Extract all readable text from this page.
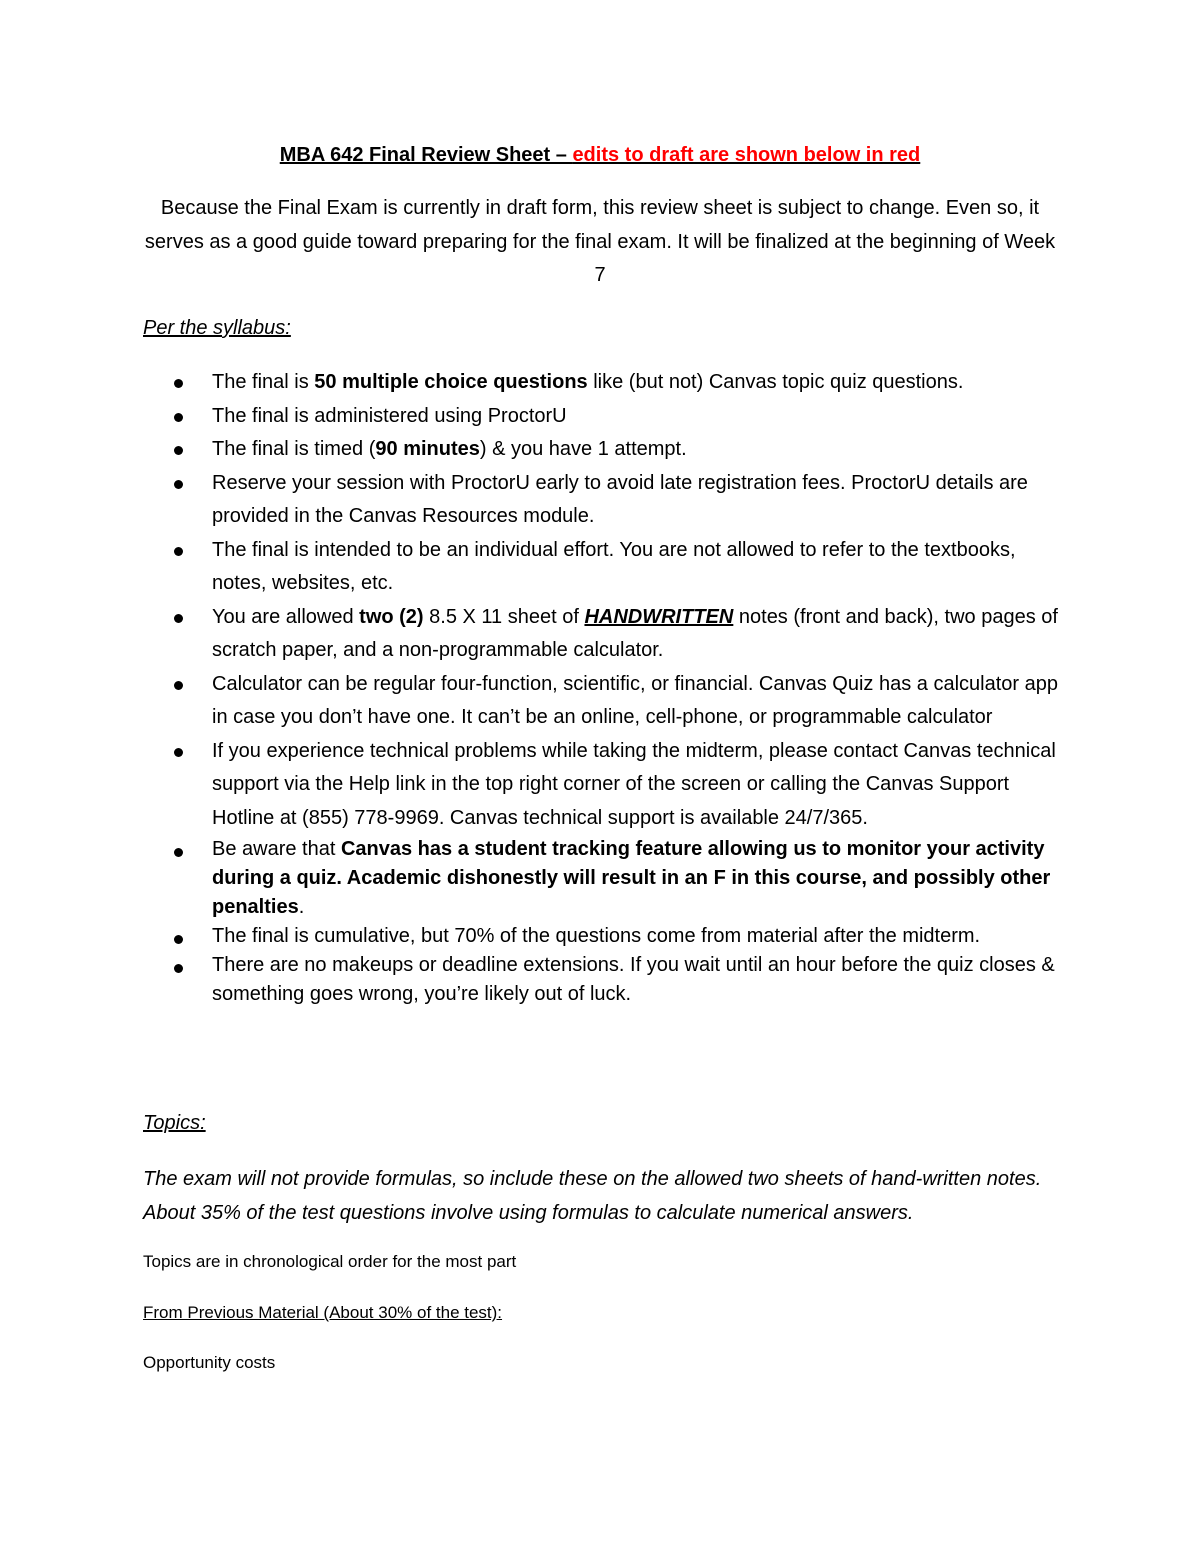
MBA 642 Final Review Sheet – edits to draft are shown below in red
Because the Final Exam is currently in draft form, this review sheet is subject to change. Even so, it serves as a good guide toward preparing for the final exam. It will be finalized at the beginning of Week 7
Per the syllabus:
The final is 50 multiple choice questions like (but not) Canvas topic quiz questions.
The final is administered using ProctorU
The final is timed (90 minutes) & you have 1 attempt.
Reserve your session with ProctorU early to avoid late registration fees. ProctorU details are provided in the Canvas Resources module.
The final is intended to be an individual effort. You are not allowed to refer to the textbooks, notes, websites, etc.
You are allowed two (2) 8.5 X 11 sheet of HANDWRITTEN notes (front and back), two pages of scratch paper, and a non-programmable calculator.
Calculator can be regular four-function, scientific, or financial. Canvas Quiz has a calculator app in case you don’t have one. It can’t be an online, cell-phone, or programmable calculator
If you experience technical problems while taking the midterm, please contact Canvas technical support via the Help link in the top right corner of the screen or calling the Canvas Support Hotline at (855) 778-9969. Canvas technical support is available 24/7/365.
Be aware that Canvas has a student tracking feature allowing us to monitor your activity during a quiz. Academic dishonestly will result in an F in this course, and possibly other penalties.
The final is cumulative, but 70% of the questions come from material after the midterm.
There are no makeups or deadline extensions. If you wait until an hour before the quiz closes & something goes wrong, you’re likely out of luck.
Topics:
The exam will not provide formulas, so include these on the allowed two sheets of hand-written notes. About 35% of the test questions involve using formulas to calculate numerical answers.
Topics are in chronological order for the most part
From Previous Material (About 30% of the test):
Opportunity costs
